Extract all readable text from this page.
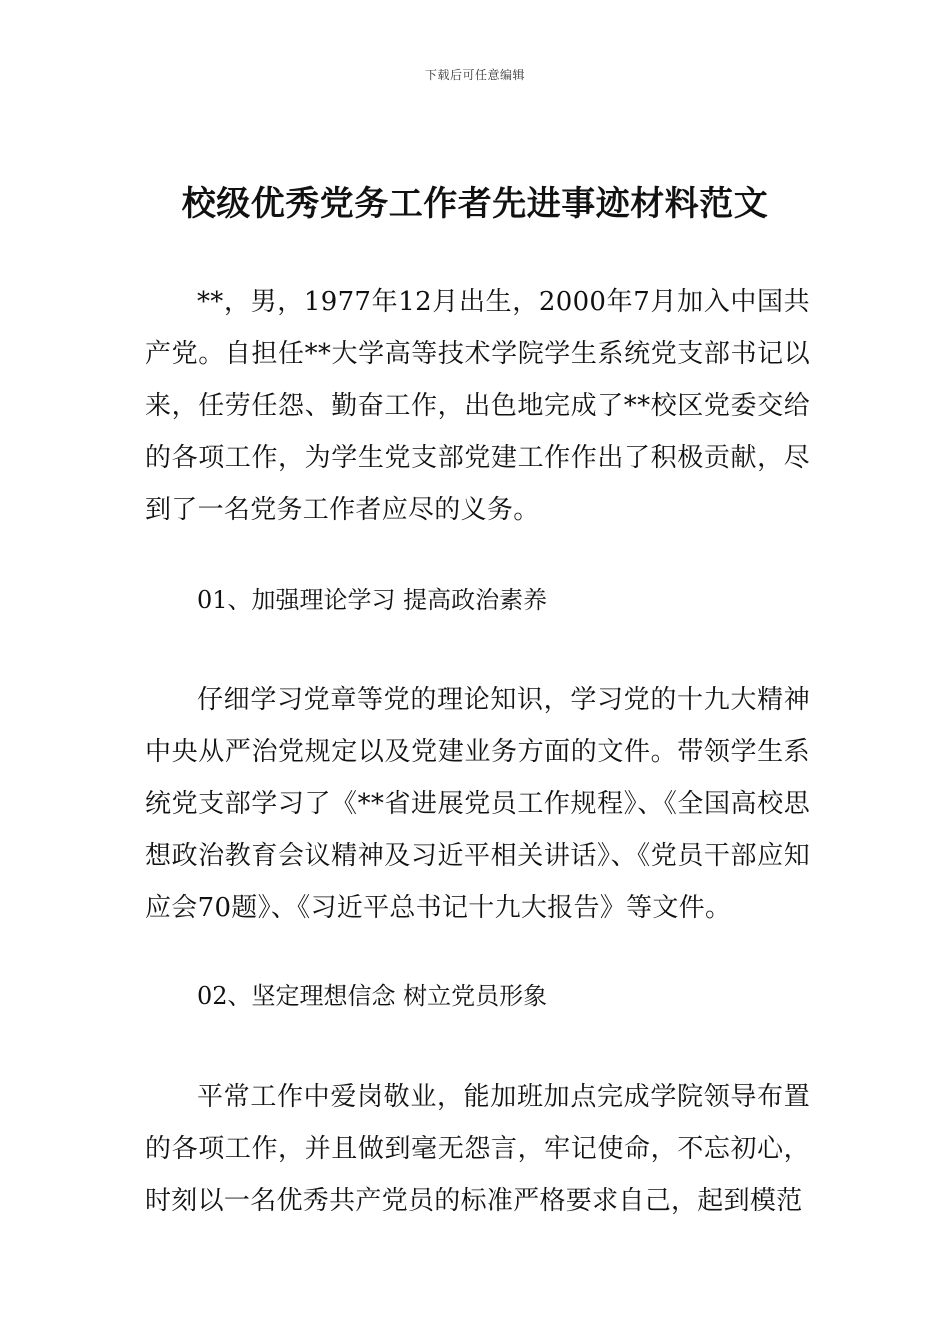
下载后可任意编辑
校级优秀党务工作者先进事迹材料范文

**，男，1977年12月出生，2000年7月加入中国共产党。自担任**大学高等技术学院学生系统党支部书记以来，任劳任怨、勤奋工作，出色地完成了**校区党委交给的各项工作，为学生党支部党建工作作出了积极贡献，尽到了一名党务工作者应尽的义务。

01、加强理论学习 提高政治素养

仔细学习党章等党的理论知识，学习党的十九大精神中央从严治党规定以及党建业务方面的文件。带领学生系统党支部学习了《**省进展党员工作规程》、《全国高校思想政治教育会议精神及习近平相关讲话》、《党员干部应知应会70题》、《习近平总书记十九大报告》等文件。

02、坚定理想信念 树立党员形象

平常工作中爱岗敬业，能加班加点完成学院领导布置的各项工作，并且做到毫无怨言，牢记使命，不忘初心，时刻以一名优秀共产党员的标准严格要求自己，起到模范
